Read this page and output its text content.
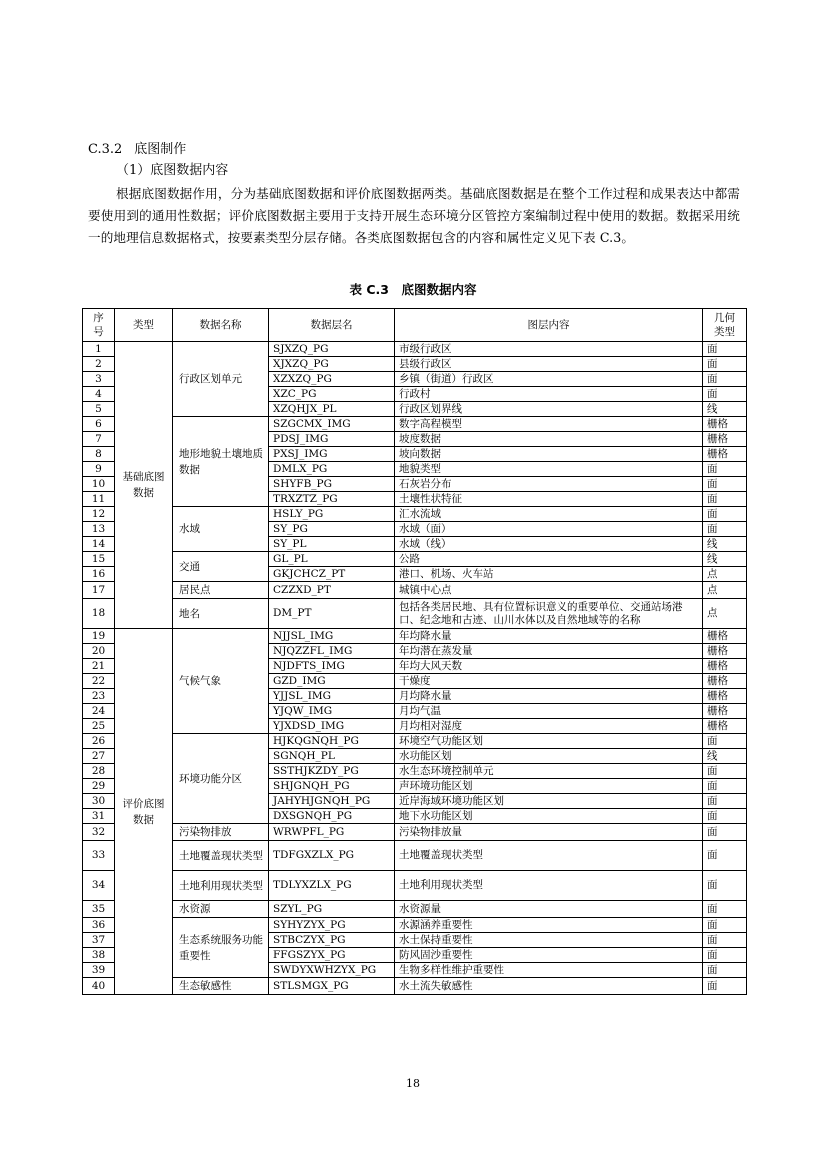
C.3.2 底图制作
（1）底图数据内容
根据底图数据作用，分为基础底图数据和评价底图数据两类。基础底图数据是在整个工作过程和成果表达中都需要使用到的通用性数据；评价底图数据主要用于支持开展生态环境分区管控方案编制过程中使用的数据。数据采用统一的地理信息数据格式，按要素类型分层存储。各类底图数据包含的内容和属性定义见下表 C.3。
表 C.3　底图数据内容
序号	类型	数据名称	数据层名	图层内容	几何类型
1	基础底图数据	行政区划单元	SJXZQ_PG	市级行政区	面
2			XJXZQ_PG	县级行政区	面
3			XZXZQ_PG	乡镇（街道）行政区	面
4			XZC_PG	行政村	面
5			XZQHJX_PL	行政区划界线	线
6		地形地貌土壤地质数据	SZGCMX_IMG	数字高程模型	栅格
7			PDSJ_IMG	坡度数据	栅格
8			PXSJ_IMG	坡向数据	栅格
9			DMLX_PG	地貌类型	面
10			SHYFB_PG	石灰岩分布	面
11			TRXZTZ_PG	土壤性状特征	面
12		水域	HSLY_PG	汇水流域	面
13			SY_PG	水域（面）	面
14			SY_PL	水域（线）	线
15		交通	GL_PL	公路	线
16			GKJCHCZ_PT	港口、机场、火车站	点
17		居民点	CZZXD_PT	城镇中心点	点
18		地名	DM_PT	包括各类居民地、具有位置标识意义的重要单位、交通站场港口、纪念地和古迹、山川水体以及自然地域等的名称	点
19	评价底图数据	气候气象	NJJSL_IMG	年均降水量	栅格
20			NJQZZFL_IMG	年均潜在蒸发量	栅格
21			NJDFTS_IMG	年均大风天数	栅格
22			GZD_IMG	干燥度	栅格
23			YJJSL_IMG	月均降水量	栅格
24			YJQW_IMG	月均气温	栅格
25			YJXDSD_IMG	月均相对湿度	栅格
26		环境功能分区	HJKQGNQH_PG	环境空气功能区划	面
27			SGNQH_PL	水功能区划	线
28			SSTHJKZDY_PG	水生态环境控制单元	面
29			SHJGNQH_PG	声环境功能区划	面
30			JAHYHJGNQH_PG	近岸海域环境功能区划	面
31			DXSGNQH_PG	地下水功能区划	面
32		污染物排放	WRWPFL_PG	污染物排放量	面
33		土地覆盖现状类型	TDFGXZLX_PG	土地覆盖现状类型	面
34		土地利用现状类型	TDLYXZLX_PG	土地利用现状类型	面
35		水资源	SZYL_PG	水资源量	面
36		生态系统服务功能重要性	SYHYZYX_PG	水源涵养重要性	面
37			STBCZYX_PG	水土保持重要性	面
38			FFGSZYX_PG	防风固沙重要性	面
39			SWDYXWHZYX_PG	生物多样性维护重要性	面
40		生态敏感性	STLSMGX_PG	水土流失敏感性	面
18
